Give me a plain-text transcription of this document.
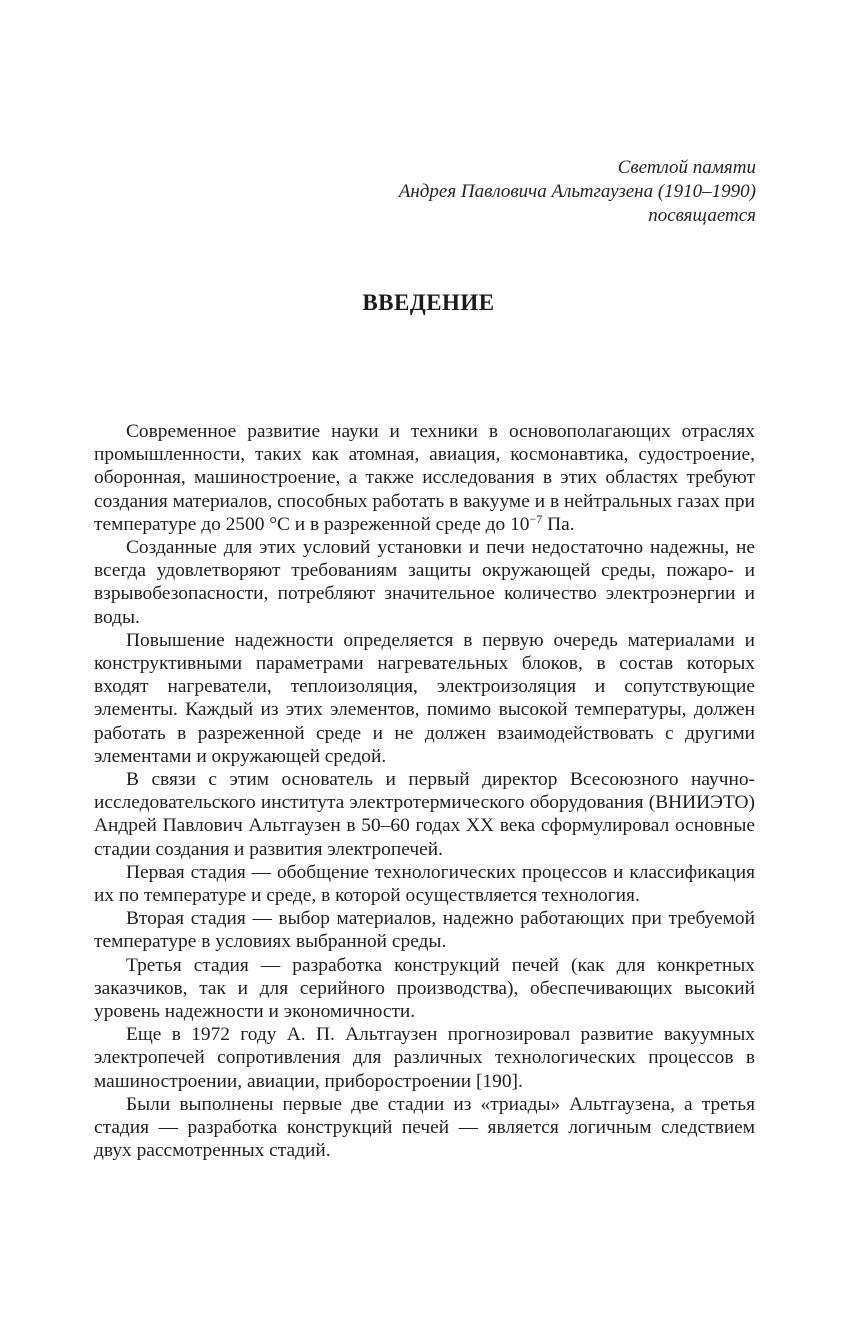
Светлой памяти
Андрея Павловича Альтгаузена (1910–1990)
посвящается
ВВЕДЕНИЕ

Современное развитие науки и техники в основополагающих отраслях промышленности, таких как атомная, авиация, космонавтика, судостроение, оборонная, машиностроение, а также исследования в этих областях требуют создания материалов, способных работать в вакууме и в нейтральных газах при температуре до 2500 °C и в разреженной среде до $10^{-7}$ Па.

Созданные для этих условий установки и печи недостаточно надежны, не всегда удовлетворяют требованиям защиты окружающей среды, пожаро- и взрывобезопасности, потребляют значительное количество электроэнергии и воды.

Повышение надежности определяется в первую очередь материалами и конструктивными параметрами нагревательных блоков, в состав которых входят нагреватели, теплоизоляция, электроизоляция и сопутствующие элементы. Каждый из этих элементов, помимо высокой температуры, должен работать в разреженной среде и не должен взаимодействовать с другими элементами и окружающей средой.

В связи с этим основатель и первый директор Всесоюзного научно-исследовательского института электротермического оборудования (ВНИИЭТО) Андрей Павлович Альтгаузен в 50–60 годах XX века сформулировал основные стадии создания и развития электропечей.

Первая стадия — обобщение технологических процессов и классификация их по температуре и среде, в которой осуществляется технология.

Вторая стадия — выбор материалов, надежно работающих при требуемой температуре в условиях выбранной среды.

Третья стадия — разработка конструкций печей (как для конкретных заказчиков, так и для серийного производства), обеспечивающих высокий уровень надежности и экономичности.

Еще в 1972 году А. П. Альтгаузен прогнозировал развитие вакуумных электропечей сопротивления для различных технологических процессов в машиностроении, авиации, приборостроении [190].

Были выполнены первые две стадии из «триады» Альтгаузена, а третья стадия — разработка конструкций печей — является логичным следствием двух рассмотренных стадий.
